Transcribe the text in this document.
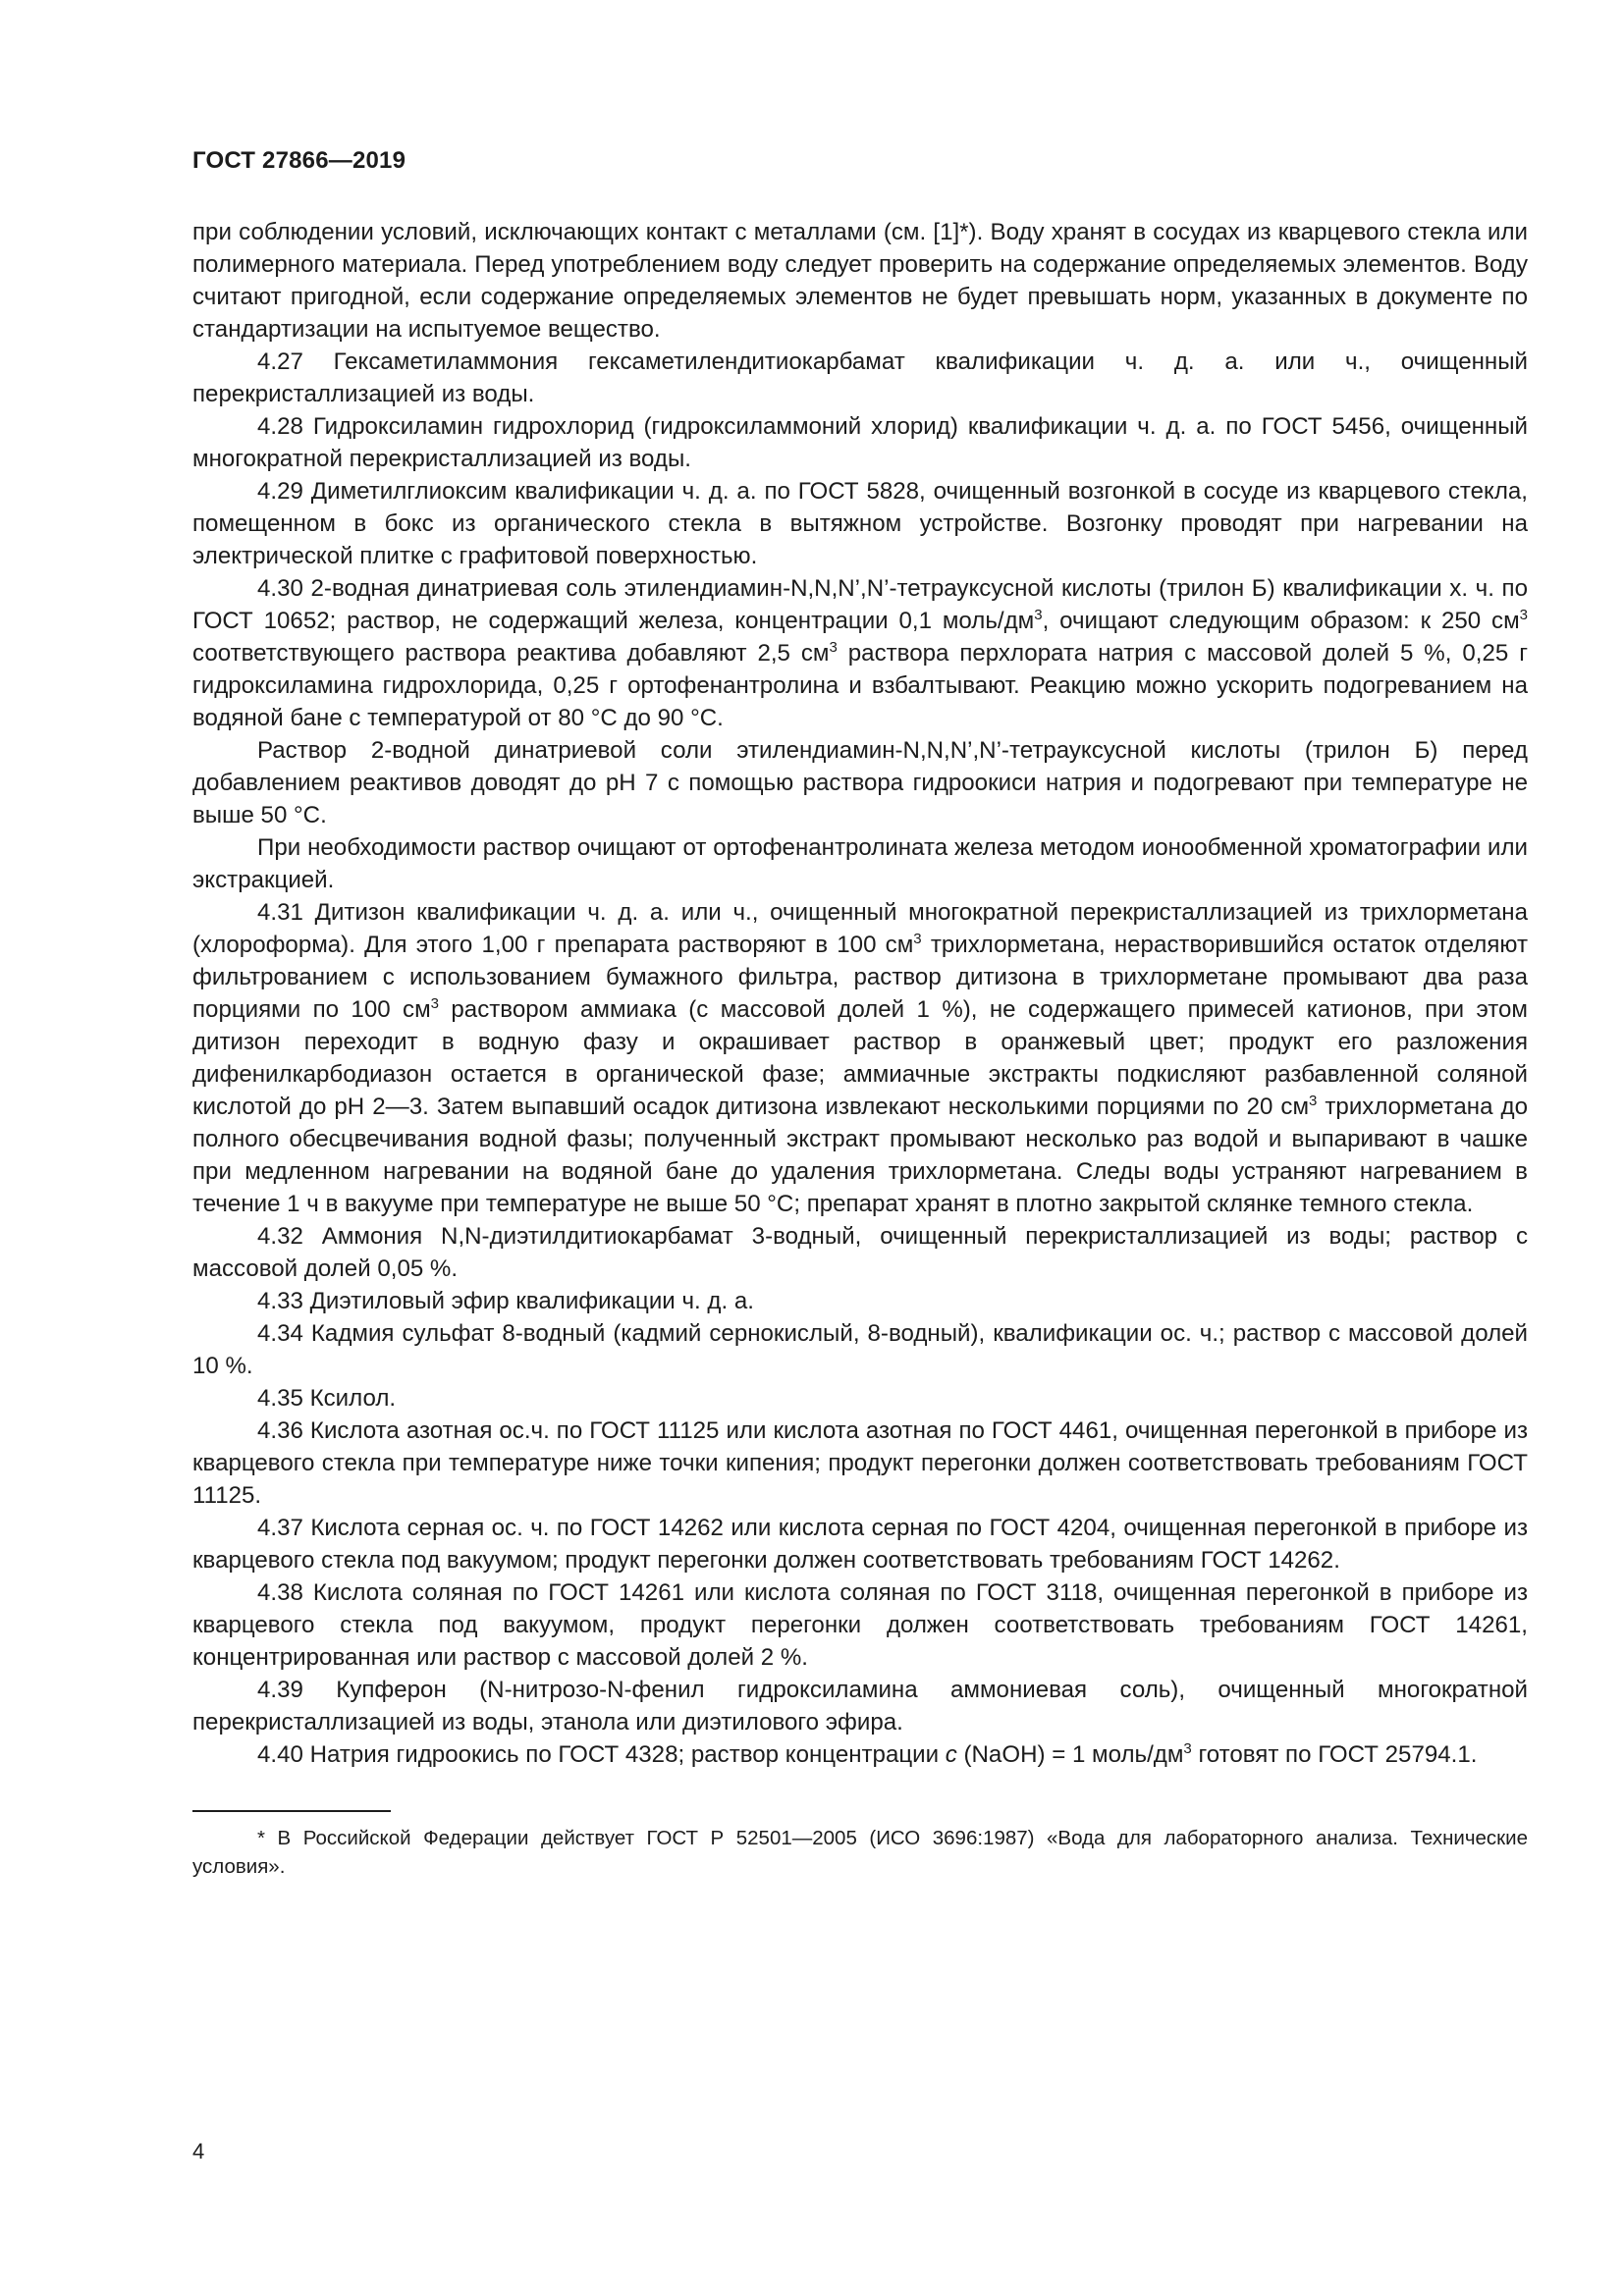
ГОСТ 27866—2019

при соблюдении условий, исключающих контакт с металлами (см. [1]*). Воду хранят в сосудах из кварцевого стекла или полимерного материала. Перед употреблением воду следует проверить на содержание определяемых элементов. Воду считают пригодной, если содержание определяемых элементов не будет превышать норм, указанных в документе по стандартизации на испытуемое вещество.

4.27 Гексаметиламмония гексаметилендитиокарбамат квалификации ч. д. а. или ч., очищенный перекристаллизацией из воды.

4.28 Гидроксиламин гидрохлорид (гидроксиламмоний хлорид) квалификации ч. д. а. по ГОСТ 5456, очищенный многократной перекристаллизацией из воды.

4.29 Диметилглиоксим квалификации ч. д. а. по ГОСТ 5828, очищенный возгонкой в сосуде из кварцевого стекла, помещенном в бокс из органического стекла в вытяжном устройстве. Возгонку проводят при нагревании на электрической плитке с графитовой поверхностью.

4.30 2-водная динатриевая соль этилендиамин-N,N,N’,N’-тетрауксусной кислоты (трилон Б) квалификации х. ч. по ГОСТ 10652; раствор, не содержащий железа, концентрации 0,1 моль/$дм^3$, очищают следующим образом: к 250 $см^3$ соответствующего раствора реактива добавляют 2,5 $см^3$ раствора перхлората натрия с массовой долей 5 %, 0,25 г гидроксиламина гидрохлорида, 0,25 г ортофенантролина и взбалтывают. Реакцию можно ускорить подогреванием на водяной бане с температурой от 80 °С до 90 °С.

Раствор 2-водной динатриевой соли этилендиамин-N,N,N’,N’-тетрауксусной кислоты (трилон Б) перед добавлением реактивов доводят до рН 7 с помощью раствора гидроокиси натрия и подогревают при температуре не выше 50 °С.

При необходимости раствор очищают от ортофенантролината железа методом ионообменной хроматографии или экстракцией.

4.31 Дитизон квалификации ч. д. а. или ч., очищенный многократной перекристаллизацией из трихлорметана (хлороформа). Для этого 1,00 г препарата растворяют в 100 $см^3$ трихлорметана, нерастворившийся остаток отделяют фильтрованием с использованием бумажного фильтра, раствор дитизона в трихлорметане промывают два раза порциями по 100 $см^3$ раствором аммиака (с массовой долей 1 %), не содержащего примесей катионов, при этом дитизон переходит в водную фазу и окрашивает раствор в оранжевый цвет; продукт его разложения дифенилкарбодиазон остается в органической фазе; аммиачные экстракты подкисляют разбавленной соляной кислотой до рН 2—3. Затем выпавший осадок дитизона извлекают несколькими порциями по 20 $см^3$ трихлорметана до полного обесцвечивания водной фазы; полученный экстракт промывают несколько раз водой и выпаривают в чашке при медленном нагревании на водяной бане до удаления трихлорметана. Следы воды устраняют нагреванием в течение 1 ч в вакууме при температуре не выше 50 °С; препарат хранят в плотно закрытой склянке темного стекла.

4.32 Аммония N,N-диэтилдитиокарбамат 3-водный, очищенный перекристаллизацией из воды; раствор с массовой долей 0,05 %.

4.33 Диэтиловый эфир квалификации ч. д. а.

4.34 Кадмия сульфат 8-водный (кадмий сернокислый, 8-водный), квалификации ос. ч.; раствор с массовой долей 10 %.

4.35 Ксилол.

4.36 Кислота азотная ос.ч. по ГОСТ 11125 или кислота азотная по ГОСТ 4461, очищенная перегонкой в приборе из кварцевого стекла при температуре ниже точки кипения; продукт перегонки должен соответствовать требованиям ГОСТ 11125.

4.37 Кислота серная ос. ч. по ГОСТ 14262 или кислота серная по ГОСТ 4204, очищенная перегонкой в приборе из кварцевого стекла под вакуумом; продукт перегонки должен соответствовать требованиям ГОСТ 14262.

4.38 Кислота соляная по ГОСТ 14261 или кислота соляная по ГОСТ 3118, очищенная перегонкой в приборе из кварцевого стекла под вакуумом, продукт перегонки должен соответствовать требованиям ГОСТ 14261, концентрированная или раствор с массовой долей 2 %.

4.39 Купферон (N-нитрозо-N-фенил гидроксиламина аммониевая соль), очищенный многократной перекристаллизацией из воды, этанола или диэтилового эфира.

4.40 Натрия гидроокись по ГОСТ 4328; раствор концентрации с (NaOH) = 1 моль/$дм^3$ готовят по ГОСТ 25794.1.

* В Российской Федерации действует ГОСТ Р 52501—2005 (ИСО 3696:1987) «Вода для лабораторного анализа. Технические условия».

4
